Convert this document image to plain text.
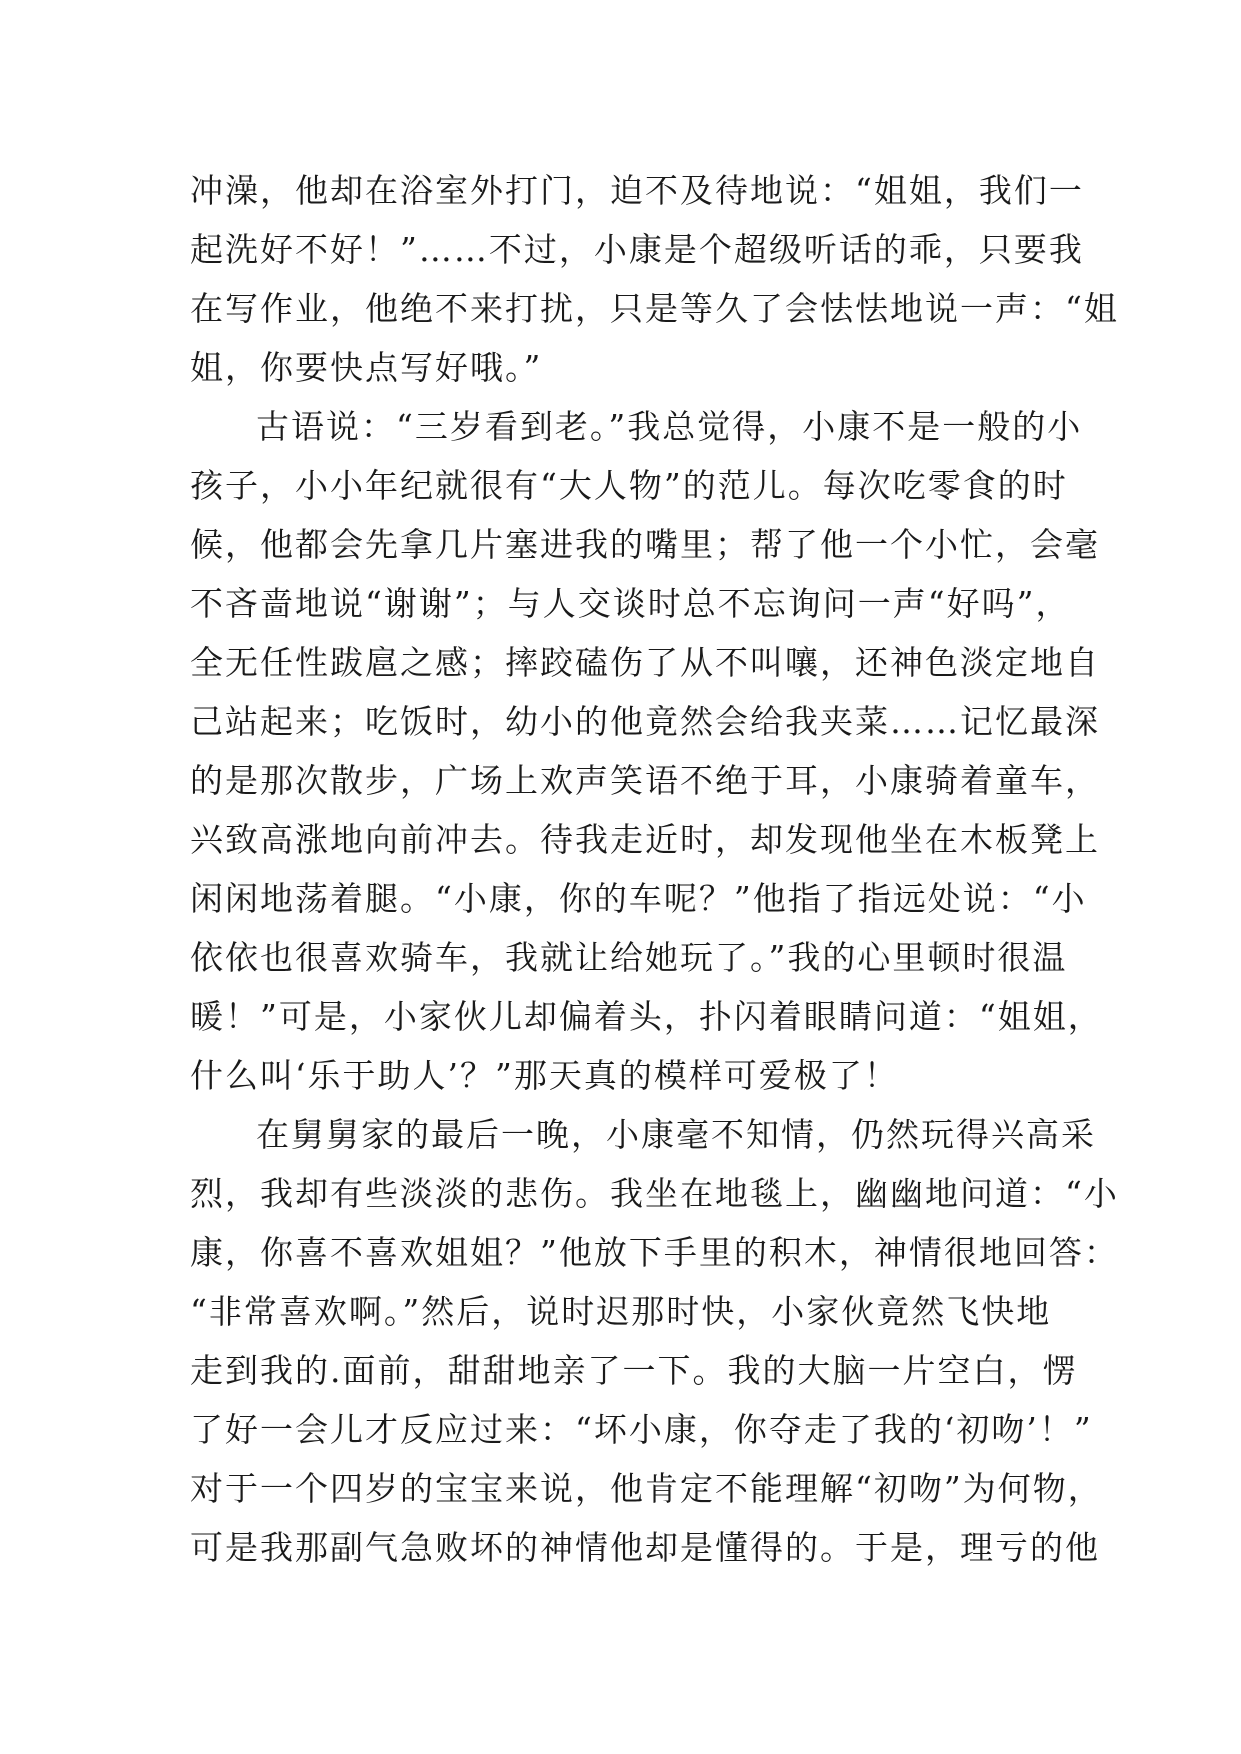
冲澡，他却在浴室外打门，迫不及待地说：“姐姐，我们一
起洗好不好！”……不过，小康是个超级听话的乖，只要我
在写作业，他绝不来打扰，只是等久了会怯怯地说一声：“姐
姐，你要快点写好哦。”
古语说：“三岁看到老。”我总觉得，小康不是一般的小
孩子，小小年纪就很有“大人物”的范儿。每次吃零食的时
候，他都会先拿几片塞进我的嘴里；帮了他一个小忙，会毫
不吝啬地说“谢谢”；与人交谈时总不忘询问一声“好吗”，
全无任性跋扈之感；摔跤磕伤了从不叫嚷，还神色淡定地自
己站起来；吃饭时，幼小的他竟然会给我夹菜……记忆最深
的是那次散步，广场上欢声笑语不绝于耳，小康骑着童车，
兴致高涨地向前冲去。待我走近时，却发现他坐在木板凳上
闲闲地荡着腿。“小康，你的车呢？”他指了指远处说：“小
依依也很喜欢骑车，我就让给她玩了。”我的心里顿时很温
暖！”可是，小家伙儿却偏着头，扑闪着眼睛问道：“姐姐，
什么叫‘乐于助人’？”那天真的模样可爱极了！
在舅舅家的最后一晚，小康毫不知情，仍然玩得兴高采
烈，我却有些淡淡的悲伤。我坐在地毯上，幽幽地问道：“小
康，你喜不喜欢姐姐？”他放下手里的积木，神情很地回答：
“非常喜欢啊。”然后，说时迟那时快，小家伙竟然飞快地
走到我的.面前，甜甜地亲了一下。我的大脑一片空白，愣
了好一会儿才反应过来：“坏小康，你夺走了我的‘初吻’！”
对于一个四岁的宝宝来说，他肯定不能理解“初吻”为何物，
可是我那副气急败坏的神情他却是懂得的。于是，理亏的他
